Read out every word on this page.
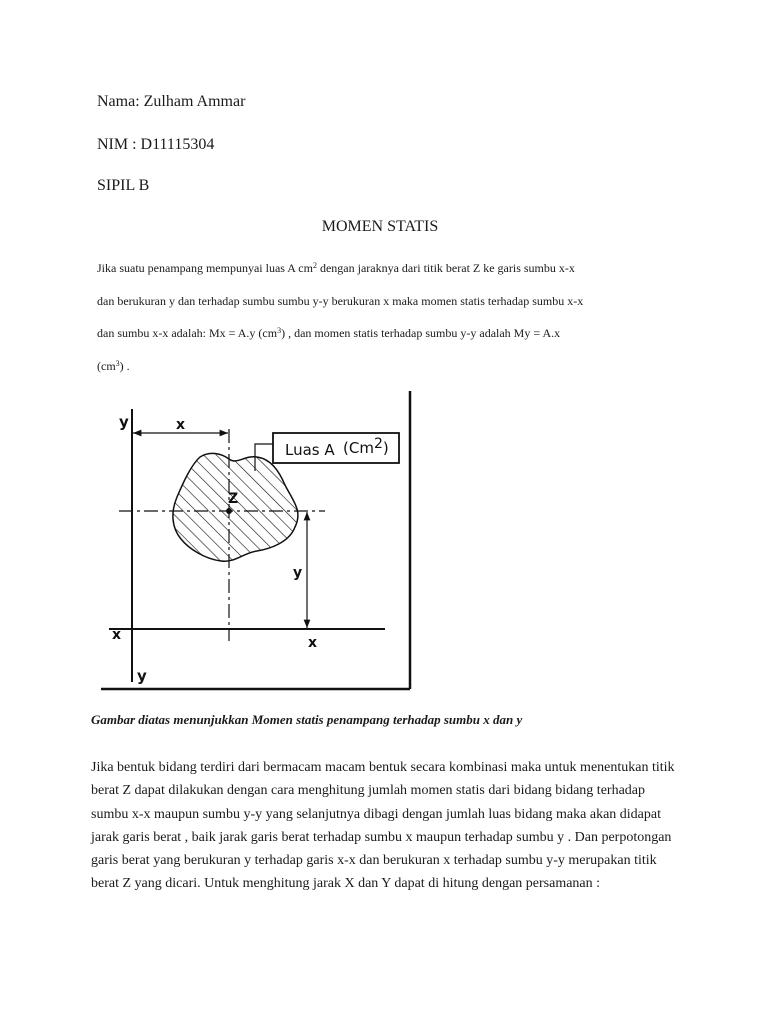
Nama: Zulham Ammar

NIM : D11115304

SIPIL B

MOMEN STATIS

Jika suatu penampang mempunyai luas A $cm^2$ dengan jaraknya dari titik berat Z ke garis sumbu x-x

dan berukuran y dan terhadap sumbu sumbu y-y berukuran x maka momen statis terhadap sumbu x-x

dan sumbu x-x adalah: Mx = A.y $(cm^3)$ , dan momen statis terhadap sumbu y-y adalah My = A.x

$(cm^3)$ .

y	x
Luas A (Cm2)
Z
y
x	x
y

Gambar diatas menunjukkan Momen statis penampang terhadap sumbu x dan y

Jika bentuk bidang terdiri dari bermacam macam bentuk secara kombinasi maka untuk menentukan titik berat Z dapat dilakukan dengan cara menghitung jumlah momen statis dari bidang bidang terhadap sumbu x-x maupun sumbu y-y yang selanjutnya dibagi dengan jumlah luas bidang maka akan didapat jarak garis berat , baik jarak garis berat terhadap sumbu x maupun terhadap sumbu y . Dan perpotongan garis berat yang berukuran y terhadap garis x-x dan berukuran x terhadap sumbu y-y merupakan titik berat Z yang dicari. Untuk menghitung jarak X dan Y dapat di hitung dengan persamanan :
